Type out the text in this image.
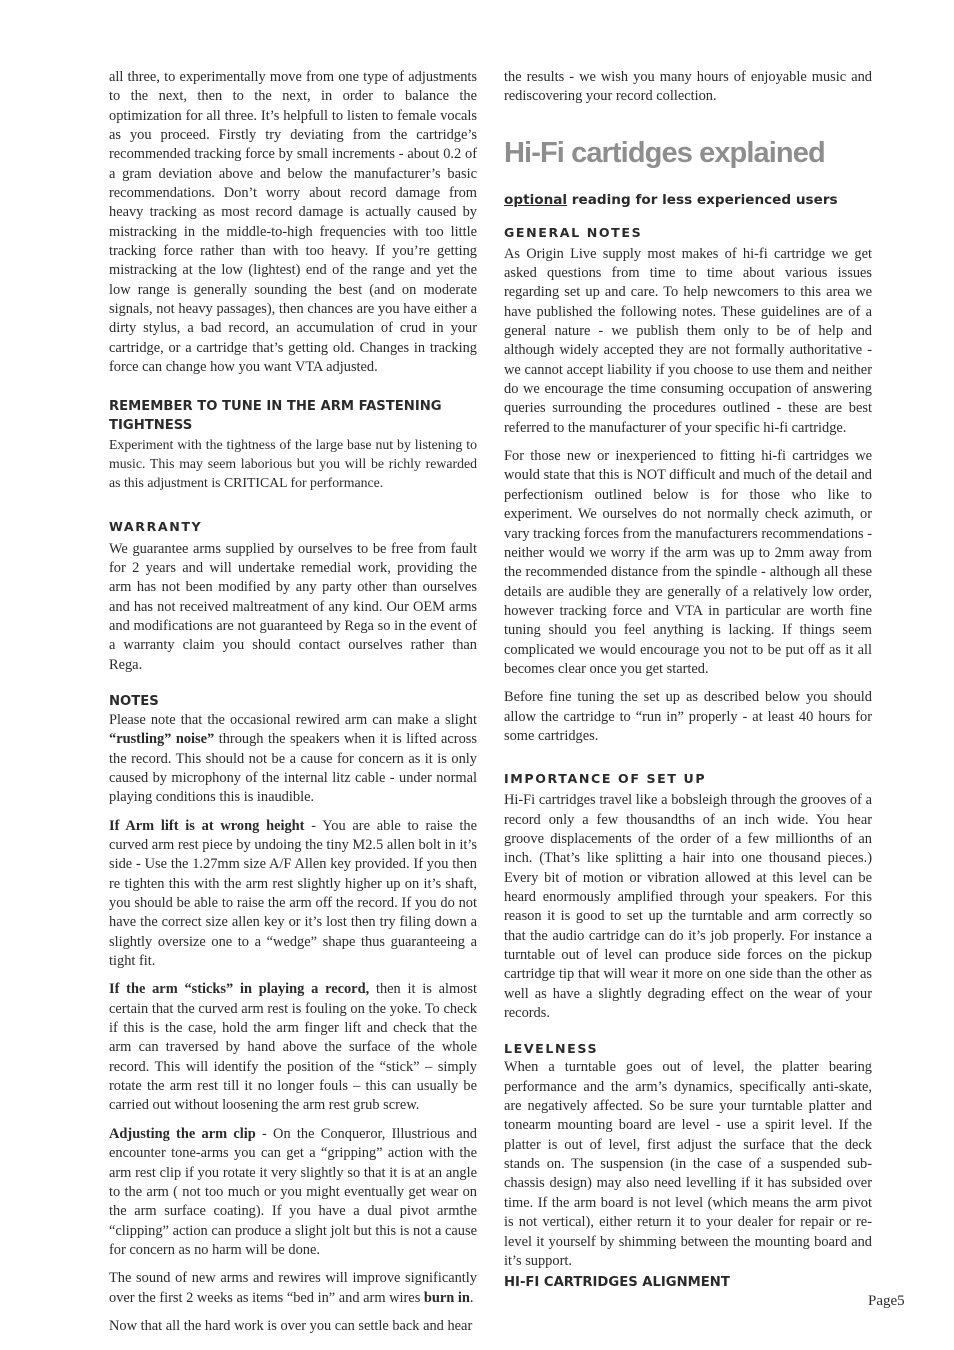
all three, to experimentally move from one type of adjustments to the next, then to the next, in order to balance the optimization for all three. It’s helpfull to listen to female vocals as you proceed. Firstly try deviating from the cartridge’s recommended tracking force by small increments - about 0.2 of a gram deviation above and below the manufacturer’s basic recommendations. Don’t worry about record damage from heavy tracking as most record damage is actually caused by mistracking in the middle-to-high frequencies with too little tracking force rather than with too heavy. If you’re getting mistracking at the low (lightest) end of the range and yet the low range is generally sounding the best (and on moderate signals, not heavy passages), then chances are you have either a dirty stylus, a bad record, an accumulation of crud in your cartridge, or a cartridge that’s getting old. Changes in tracking force can change how you want VTA adjusted.

REMEMBER TO TUNE IN THE ARM FASTENING TIGHTNESS

Experiment with the tightness of the large base nut by listening to music. This may seem laborious but you will be richly rewarded as this adjustment is CRITICAL for performance.

WARRANTY

We guarantee arms supplied by ourselves to be free from fault for 2 years and will undertake remedial work, providing the arm has not been modified by any party other than ourselves and has not received maltreatment of any kind. Our OEM arms and modifications are not guaranteed by Rega so in the event of a warranty claim you should contact ourselves rather than Rega.

NOTES

Please note that the occasional rewired arm can make a slight “rustling” noise” through the speakers when it is lifted across the record. This should not be a cause for concern as it is only caused by microphony of the internal litz cable - under normal playing conditions this is inaudible.

If Arm lift is at wrong height - You are able to raise the curved arm rest piece by undoing the tiny M2.5 allen bolt in it’s side - Use the 1.27mm size A/F Allen key provided. If you then re tighten this with the arm rest slightly higher up on it’s shaft, you should be able to raise the arm off the record. If you do not have the correct size allen key or it’s lost then try filing down a slightly oversize one to a “wedge” shape thus guaranteeing a tight fit.

If the arm “sticks” in playing a record, then it is almost certain that the curved arm rest is fouling on the yoke. To check if this is the case, hold the arm finger lift and check that the arm can traversed by hand above the surface of the whole record. This will identify the position of the “stick” – simply rotate the arm rest till it no longer fouls – this can usually be carried out without loosening the arm rest grub screw.

Adjusting the arm clip - On the Conqueror, Illustrious and encounter tone-arms you can get a “gripping” action with the arm rest clip if you rotate it very slightly so that it is at an angle to the arm ( not too much or you might eventually get wear on the arm surface coating). If you have a dual pivot armthe “clipping” action can produce a slight jolt but this is not a cause for concern as no harm will be done.

The sound of new arms and rewires will improve significantly over the first 2 weeks as items “bed in” and arm wires burn in.

Now that all the hard work is over you can settle back and hear

the results - we wish you many hours of enjoyable music and rediscovering your record collection.

Hi-Fi cartidges explained
optional reading for less experienced users
GENERAL NOTES

As Origin Live supply most makes of hi-fi cartridge we get asked questions from time to time about various issues regarding set up and care. To help newcomers to this area we have published the following notes. These guidelines are of a general nature - we publish them only to be of help and although widely accepted they are not formally authoritative - we cannot accept liability if you choose to use them and neither do we encourage the time consuming occupation of answering queries surrounding the procedures outlined - these are best referred to the manufacturer of your specific hi-fi cartridge.

For those new or inexperienced to fitting hi-fi cartridges we would state that this is NOT difficult and much of the detail and perfectionism outlined below is for those who like to experiment. We ourselves do not normally check azimuth, or vary tracking forces from the manufacturers recommendations - neither would we worry if the arm was up to 2mm away from the recommended distance from the spindle - although all these details are audible they are generally of a relatively low order, however tracking force and VTA in particular are worth fine tuning should you feel anything is lacking. If things seem complicated we would encourage you not to be put off as it all becomes clear once you get started.

Before fine tuning the set up as described below you should allow the cartridge to “run in” properly - at least 40 hours for some cartridges.

IMPORTANCE OF SET UP

Hi-Fi cartridges travel like a bobsleigh through the grooves of a record only a few thousandths of an inch wide. You hear groove displacements of the order of a few millionths of an inch. (That’s like splitting a hair into one thousand pieces.) Every bit of motion or vibration allowed at this level can be heard enormously amplified through your speakers. For this reason it is good to set up the turntable and arm correctly so that the audio cartridge can do it’s job properly. For instance a turntable out of level can produce side forces on the pickup cartridge tip that will wear it more on one side than the other as well as have a slightly degrading effect on the wear of your records.

LEVELNESS

When a turntable goes out of level, the platter bearing performance and the arm’s dynamics, specifically anti-skate, are negatively affected. So be sure your turntable platter and tonearm mounting board are level - use a spirit level. If the platter is out of level, first adjust the surface that the deck stands on. The suspension (in the case of a suspended sub-chassis design) may also need levelling if it has subsided over time. If the arm board is not level (which means the arm pivot is not vertical), either return it to your dealer for repair or re-level it yourself by shimming between the mounting board and it’s support.

HI-FI CARTRIDGES ALIGNMENT
Page5
